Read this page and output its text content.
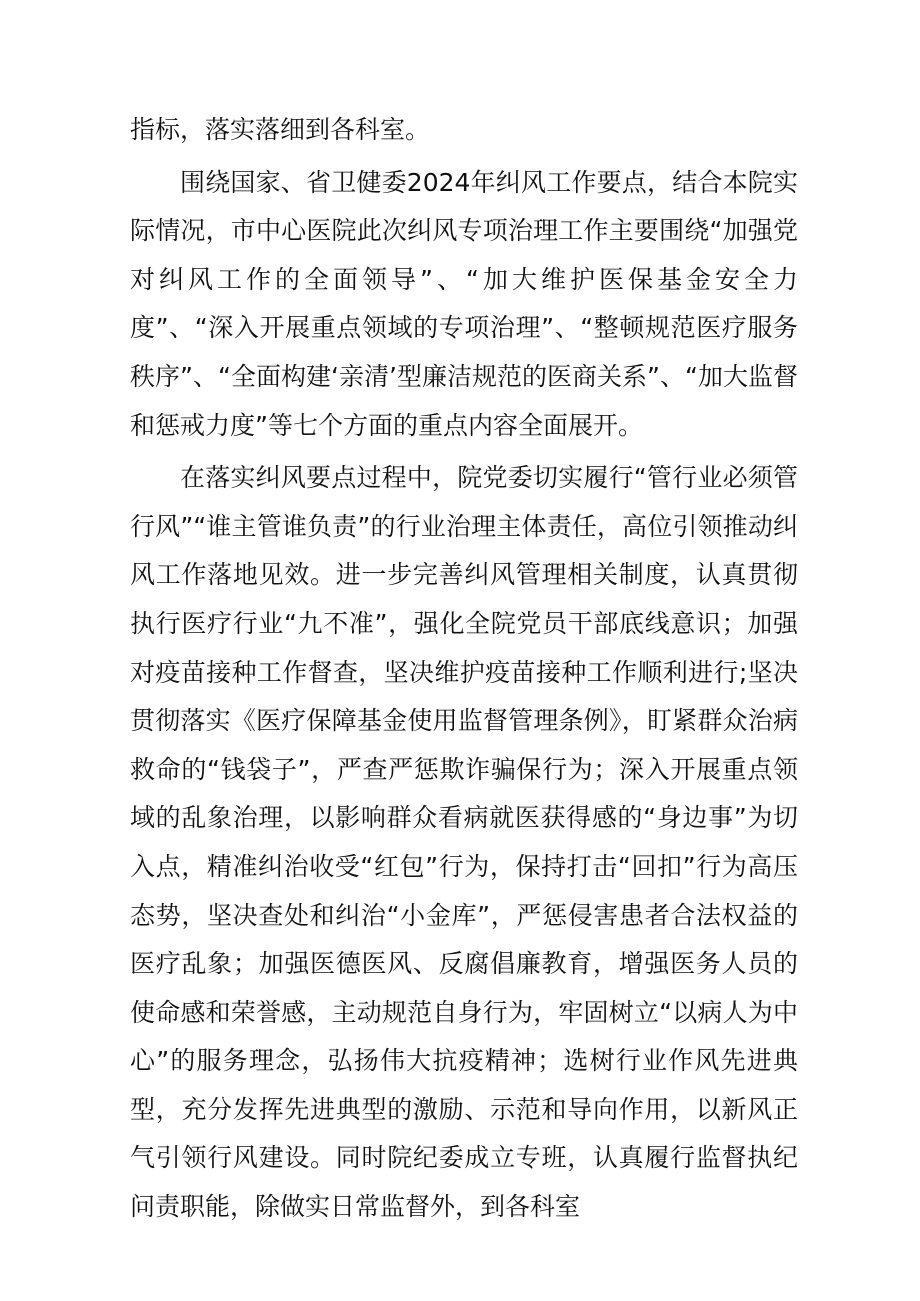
指标，落实落细到各科室。

围绕国家、省卫健委2024年纠风工作要点，结合本院实际情况，市中心医院此次纠风专项治理工作主要围绕“加强党对纠风工作的全面领导”、“加大维护医保基金安全力度”、“深入开展重点领域的专项治理”、“整顿规范医疗服务秩序”、“全面构建‘亲清’型廉洁规范的医商关系”、“加大监督和惩戒力度”等七个方面的重点内容全面展开。

在落实纠风要点过程中，院党委切实履行“管行业必须管行风”“谁主管谁负责”的行业治理主体责任，高位引领推动纠风工作落地见效。进一步完善纠风管理相关制度，认真贯彻执行医疗行业“九不准”，强化全院党员干部底线意识；加强对疫苗接种工作督查，坚决维护疫苗接种工作顺利进行;坚决贯彻落实《医疗保障基金使用监督管理条例》，盯紧群众治病救命的“钱袋子”，严查严惩欺诈骗保行为；深入开展重点领域的乱象治理，以影响群众看病就医获得感的“身边事”为切入点，精准纠治收受“红包”行为，保持打击“回扣”行为高压态势，坚决查处和纠治“小金库”，严惩侵害患者合法权益的医疗乱象；加强医德医风、反腐倡廉教育，增强医务人员的使命感和荣誉感，主动规范自身行为，牢固树立“以病人为中心”的服务理念，弘扬伟大抗疫精神；选树行业作风先进典型，充分发挥先进典型的激励、示范和导向作用，以新风正气引领行风建设。同时院纪委成立专班，认真履行监督执纪问责职能，除做实日常监督外，到各科室
